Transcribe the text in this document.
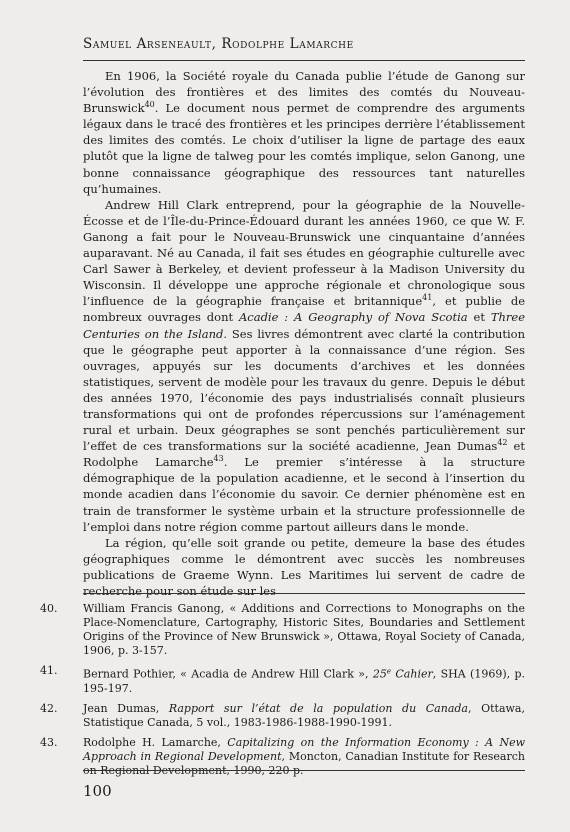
Samuel Arseneault, Rodolphe Lamarche

En 1906, la Société royale du Canada publie l’étude de Ganong sur l’évolution des frontières et des limites des comtés du Nouveau-Brunswick$^{40}$. Le document nous permet de comprendre des arguments légaux dans le tracé des frontières et les principes derrière l’établissement des limites des comtés. Le choix d’utiliser la ligne de partage des eaux plutôt que la ligne de talweg pour les comtés implique, selon Ganong, une bonne connaissance géographique des ressources tant naturelles qu’humaines.

Andrew Hill Clark entreprend, pour la géographie de la Nouvelle-Écosse et de l’Île-du-Prince-Édouard durant les années 1960, ce que W. F. Ganong a fait pour le Nouveau-Brunswick une cinquantaine d’années auparavant. Né au Canada, il fait ses études en géographie culturelle avec Carl Sawer à Berkeley, et devient professeur à la Madison University du Wisconsin. Il développe une approche régionale et chronologique sous l’influence de la géographie française et britannique$^{41}$, et publie de nombreux ouvrages dont Acadie : A Geography of Nova Scotia et Three Centuries on the Island. Ses livres démontrent avec clarté la contribution que le géographe peut apporter à la connaissance d’une région. Ses ouvrages, appuyés sur les documents d’archives et les données statistiques, servent de modèle pour les travaux du genre. Depuis le début des années 1970, l’économie des pays industrialisés connaît plusieurs transformations qui ont de profondes répercussions sur l’aménagement rural et urbain. Deux géographes se sont penchés particulièrement sur l’effet de ces transformations sur la société acadienne, Jean Dumas$^{42}$ et Rodolphe Lamarche$^{43}$. Le premier s’intéresse à la structure démographique de la population acadienne, et le second à l’insertion du monde acadien dans l’économie du savoir. Ce dernier phénomène est en train de transformer le système urbain et la structure professionnelle de l’emploi dans notre région comme partout ailleurs dans le monde.

La région, qu’elle soit grande ou petite, demeure la base des études géographiques comme le démontrent avec succès les nombreuses publications de Graeme Wynn. Les Maritimes lui servent de cadre de recherche pour son étude sur les

40 .	William Francis Ganong, « Additions and Corrections to Monographs on the Place-Nomenclature, Cartography, Historic Sites, Boundaries and Settlement Origins of the Province of New Brunswick », Ottawa, Royal Society of Canada, 1906, p. 3-157.
41 .	Bernard Pothier, « Acadia de Andrew Hill Clark », 25e Cahier, SHA (1969), p. 195-197.
42 .	Jean Dumas, Rapport sur l’état de la population du Canada, Ottawa, Statistique Canada, 5 vol., 1983-1986-1988-1990-1991.
43 .	Rodolphe H. Lamarche, Capitalizing on the Information Economy : A New Approach in Regional Development, Moncton, Canadian Institute for Research on Regional Development, 1990, 220 p.
100
